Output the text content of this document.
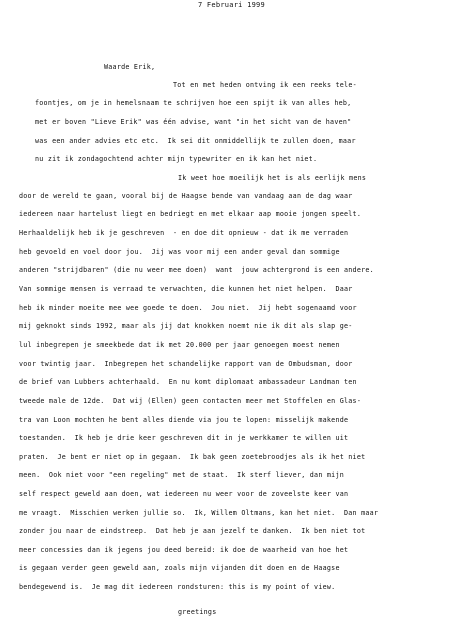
7 Februari 1999
Waarde Erik,
Tot en met heden ontving ik een reeks tele-
foontjes, om je in hemelsnaam te schrijven hoe een spijt ik van alles heb,
met er boven "Lieve Erik" was één advise, want "in het sicht van de haven"
was een ander advies etc etc.  Ik sei dit onmiddellijk te zullen doen, maar
nu zit ik zondagochtend achter mijn typewriter en ik kan het niet.
Ik weet hoe moeilijk het is als eerlijk mens
door de wereld te gaan, vooral bij de Haagse bende van vandaag aan de dag waar
iedereen naar hartelust liegt en bedriegt en met elkaar aap mooie jongen speelt.
Herhaaldelijk heb ik je geschreven  - en doe dit opnieuw - dat ik me verraden
heb gevoeld en voel door jou.  Jij was voor mij een ander geval dan sommige
anderen "strijdbaren" (die nu weer mee doen)  want  jouw achtergrond is een andere.
Van sommige mensen is verraad te verwachten, die kunnen het niet helpen.  Daar
heb ik minder moeite mee wee goede te doen.  Jou niet.  Jij hebt sogenaamd voor
mij geknokt sinds 1992, maar als jij dat knokken noemt nie ik dit als slap ge-
lul inbegrepen je smeekbede dat ik met 20.000 per jaar genoegen moest nemen
voor twintig jaar.  Inbegrepen het schandelijke rapport van de Ombudsman, door
de brief van Lubbers achterhaald.  En nu komt diplomaat ambassadeur Landman ten
tweede male de 12de.  Dat wij (Ellen) geen contacten meer met Stoffelen en Glas-
tra van Loon mochten he bent alles diende via jou te lopen: misselijk makende
toestanden.  Ik heb je drie keer geschreven dit in je werkkamer te willen uit
praten.  Je bent er niet op in gegaan.  Ik bak geen zoetebroodjes als ik het niet
meen.  Ook niet voor "een regeling" met de staat.  Ik sterf liever, dan mijn
self respect geweld aan doen, wat iedereen nu weer voor de zoveelste keer van
me vraagt.  Misschien werken jullie so.  Ik, Willem Oltmans, kan het niet.  Dan maar
zonder jou naar de eindstreep.  Dat heb je aan jezelf te danken.  Ik ben niet tot
meer concessies dan ik jegens jou deed bereid: ik doe de waarheid van hoe het
is gegaan verder geen geweld aan, zoals mijn vijanden dit doen en de Haagse
bendegewend is.  Je mag dit iedereen rondsturen: this is my point of view.
greetings
